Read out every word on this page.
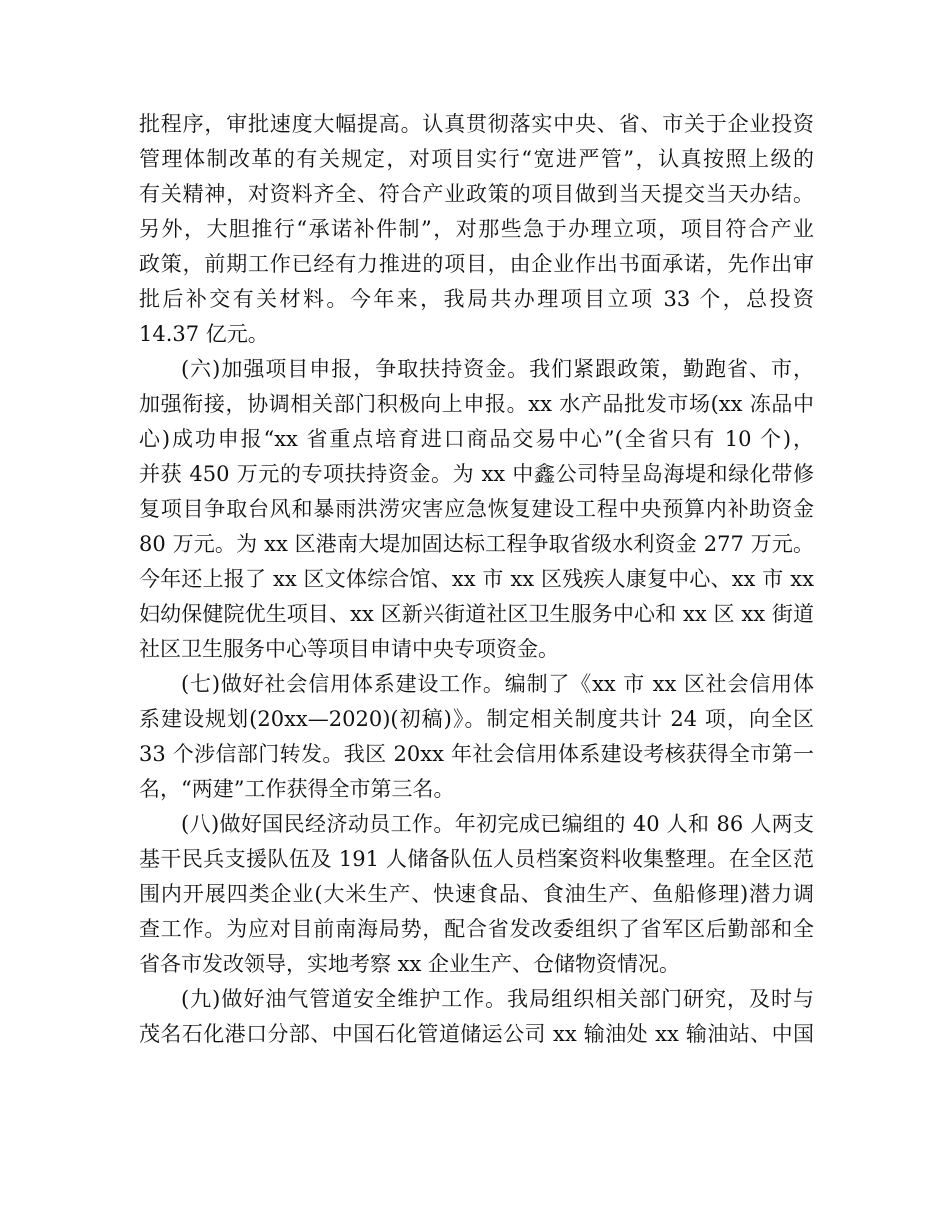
批程序，审批速度大幅提高。认真贯彻落实中央、省、市关于企业投资
管理体制改革的有关规定，对项目实行“宽进严管”，认真按照上级的
有关精神，对资料齐全、符合产业政策的项目做到当天提交当天办结。
另外，大胆推行“承诺补件制”，对那些急于办理立项，项目符合产业
政策，前期工作已经有力推进的项目，由企业作出书面承诺，先作出审
批后补交有关材料。今年来，我局共办理项目立项 33 个，总投资
14.37 亿元。
(六)加强项目申报，争取扶持资金。我们紧跟政策，勤跑省、市，
加强衔接，协调相关部门积极向上申报。xx 水产品批发市场(xx 冻品中
心)成功申报“xx 省重点培育进口商品交易中心”(全省只有 10 个)，
并获 450 万元的专项扶持资金。为 xx 中鑫公司特呈岛海堤和绿化带修
复项目争取台风和暴雨洪涝灾害应急恢复建设工程中央预算内补助资金
80 万元。为 xx 区港南大堤加固达标工程争取省级水利资金 277 万元。
今年还上报了 xx 区文体综合馆、xx 市 xx 区残疾人康复中心、xx 市 xx
妇幼保健院优生项目、xx 区新兴街道社区卫生服务中心和 xx 区 xx 街道
社区卫生服务中心等项目申请中央专项资金。
(七)做好社会信用体系建设工作。编制了《xx 市 xx 区社会信用体
系建设规划(20xx—2020)(初稿)》。制定相关制度共计 24 项，向全区
33 个涉信部门转发。我区 20xx 年社会信用体系建设考核获得全市第一
名，“两建”工作获得全市第三名。
(八)做好国民经济动员工作。年初完成已编组的 40 人和 86 人两支
基干民兵支援队伍及 191 人储备队伍人员档案资料收集整理。在全区范
围内开展四类企业(大米生产、快速食品、食油生产、鱼船修理)潜力调
查工作。为应对目前南海局势，配合省发改委组织了省军区后勤部和全
省各市发改领导，实地考察 xx 企业生产、仓储物资情况。
(九)做好油气管道安全维护工作。我局组织相关部门研究，及时与
茂名石化港口分部、中国石化管道储运公司 xx 输油处 xx 输油站、中国
